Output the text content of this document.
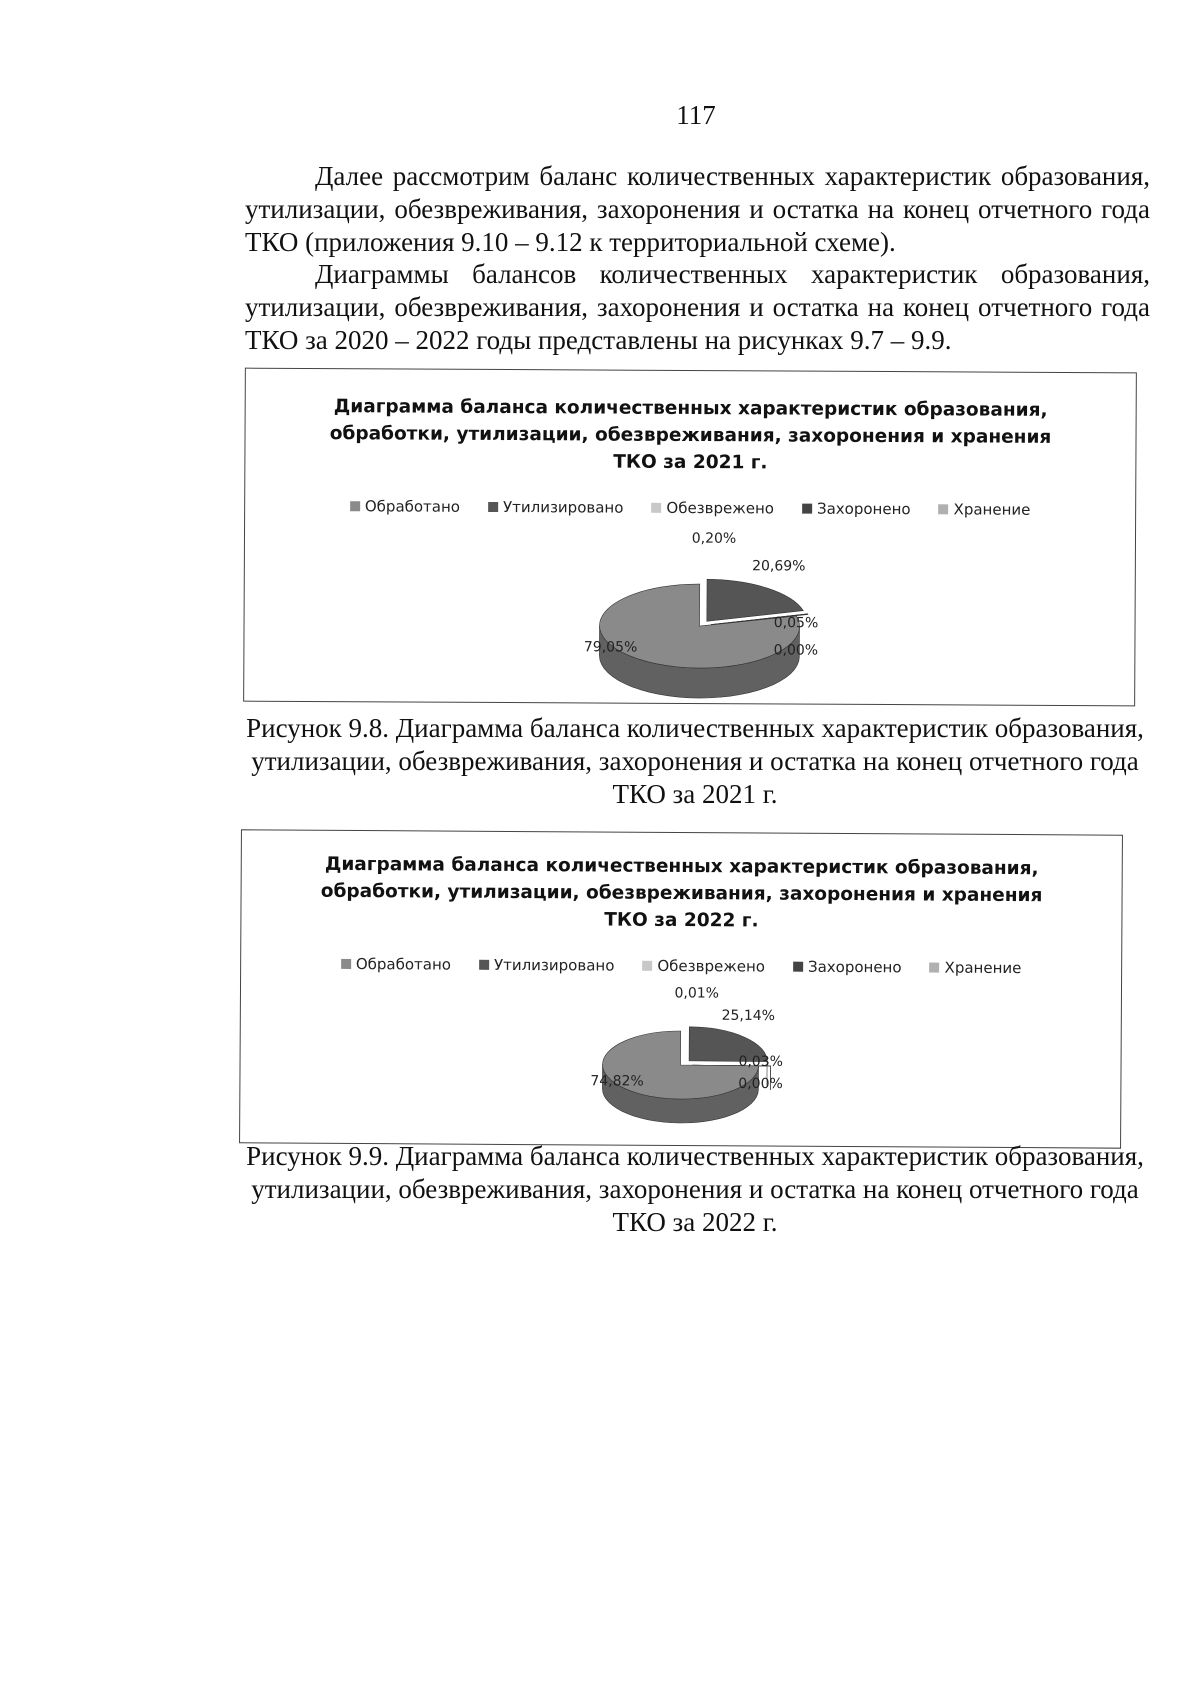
117
Далее рассмотрим баланс количественных характеристик образования,
утилизации, обезвреживания, захоронения и остатка на конец отчетного года
ТКО (приложения 9.10 – 9.12 к территориальной схеме).
Диаграммы балансов количественных характеристик образования,
утилизации, обезвреживания, захоронения и остатка на конец отчетного года
ТКО за 2020 – 2022 годы представлены на рисунках 9.7 – 9.9.
Диаграмма баланса количественных характеристик образования,
обработки, утилизации, обезвреживания, захоронения и хранения
ТКО за 2021 г.
Обработано	Утилизировано	Обезврежено	Захоронено	Хранение
79,05%
20,69%
0,20%
0,05%
0,00%
Рисунок 9.8. Диаграмма баланса количественных характеристик образования,
утилизации, обезвреживания, захоронения и остатка на конец отчетного года
ТКО за 2021 г.
Диаграмма баланса количественных характеристик образования,
обработки, утилизации, обезвреживания, захоронения и хранения
ТКО за 2022 г.
Обработано	Утилизировано	Обезврежено	Захоронено	Хранение
74,82%
25,14%
0,01%
0,03%
0,00%
Рисунок 9.9. Диаграмма баланса количественных характеристик образования,
утилизации, обезвреживания, захоронения и остатка на конец отчетного года
ТКО за 2022 г.
